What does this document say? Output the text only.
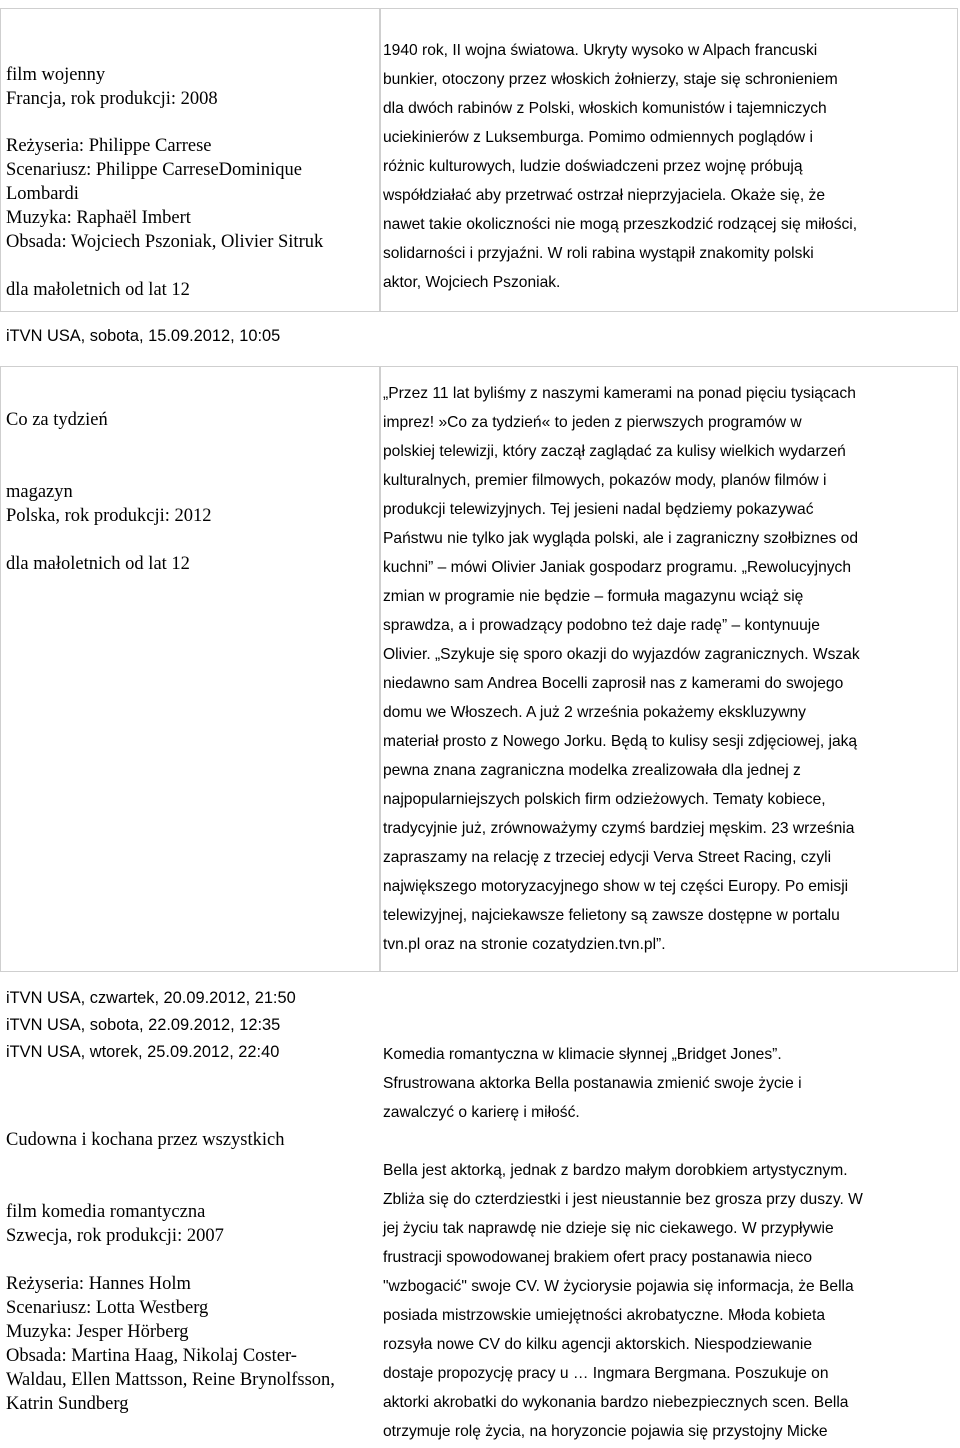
film wojenny
Francja, rok produkcji: 2008
Reżyseria: Philippe Carrese
Scenariusz: Philippe CarreseDominique
Lombardi
Muzyka: Raphaël Imbert
Obsada: Wojciech Pszoniak, Olivier Sitruk
dla małoletnich od lat 12
1940 rok, II wojna światowa. Ukryty wysoko w Alpach francuski
bunkier, otoczony przez włoskich żołnierzy, staje się schronieniem
dla dwóch rabinów z Polski, włoskich komunistów i tajemniczych
uciekinierów z Luksemburga. Pomimo odmiennych poglądów i
różnic kulturowych, ludzie doświadczeni przez wojnę próbują
współdziałać aby przetrwać ostrzał nieprzyjaciela. Okaże się, że
nawet takie okoliczności nie mogą przeszkodzić rodzącej się miłości,
solidarności i przyjaźni. W roli rabina wystąpił znakomity polski
aktor, Wojciech Pszoniak.
iTVN USA, sobota, 15.09.2012, 10:05
Co za tydzień
magazyn
Polska, rok produkcji: 2012
dla małoletnich od lat 12
„Przez 11 lat byliśmy z naszymi kamerami na ponad pięciu tysiącach
imprez! »Co za tydzień« to jeden z pierwszych programów w
polskiej telewizji, który zaczął zaglądać za kulisy wielkich wydarzeń
kulturalnych, premier filmowych, pokazów mody, planów filmów i
produkcji telewizyjnych. Tej jesieni nadal będziemy pokazywać
Państwu nie tylko jak wygląda polski, ale i zagraniczny szołbiznes od
kuchni” – mówi Olivier Janiak gospodarz programu. „Rewolucyjnych
zmian w programie nie będzie – formuła magazynu wciąż się
sprawdza, a i prowadzący podobno też daje radę” – kontynuuje
Olivier. „Szykuje się sporo okazji do wyjazdów zagranicznych. Wszak
niedawno sam Andrea Bocelli zaprosił nas z kamerami do swojego
domu we Włoszech. A już 2 września pokażemy ekskluzywny
materiał prosto z Nowego Jorku. Będą to kulisy sesji zdjęciowej, jaką
pewna znana zagraniczna modelka zrealizowała dla jednej z
najpopularniejszych polskich firm odzieżowych. Tematy kobiece,
tradycyjnie już, zrównoważymy czymś bardziej męskim. 23 września
zapraszamy na relację z trzeciej edycji Verva Street Racing, czyli
największego motoryzacyjnego show w tej części Europy. Po emisji
telewizyjnej, najciekawsze felietony są zawsze dostępne w portalu
tvn.pl oraz na stronie cozatydzien.tvn.pl”.
iTVN USA, czwartek, 20.09.2012, 21:50
iTVN USA, sobota, 22.09.2012, 12:35
iTVN USA, wtorek, 25.09.2012, 22:40
Cudowna i kochana przez wszystkich
film komedia romantyczna
Szwecja, rok produkcji: 2007
Reżyseria: Hannes Holm
Scenariusz: Lotta Westberg
Muzyka: Jesper Hörberg
Obsada: Martina Haag, Nikolaj Coster-
Waldau, Ellen Mattsson, Reine Brynolfsson,
Katrin Sundberg
Komedia romantyczna w klimacie słynnej „Bridget Jones”.
Sfrustrowana aktorka Bella postanawia zmienić swoje życie i
zawalczyć o karierę i miłość.
Bella jest aktorką, jednak z bardzo małym dorobkiem artystycznym.
Zbliża się do czterdziestki i jest nieustannie bez grosza przy duszy. W
jej życiu tak naprawdę nie dzieje się nic ciekawego. W przypływie
frustracji spowodowanej brakiem ofert pracy postanawia nieco
"wzbogacić" swoje CV. W życiorysie pojawia się informacja, że Bella
posiada mistrzowskie umiejętności akrobatyczne. Młoda kobieta
rozsyła nowe CV do kilku agencji aktorskich. Niespodziewanie
dostaje propozycję pracy u … Ingmara Bergmana. Poszukuje on
aktorki akrobatki do wykonania bardzo niebezpiecznych scen. Bella
otrzymuje rolę życia, na horyzoncie pojawia się przystojny Micke
